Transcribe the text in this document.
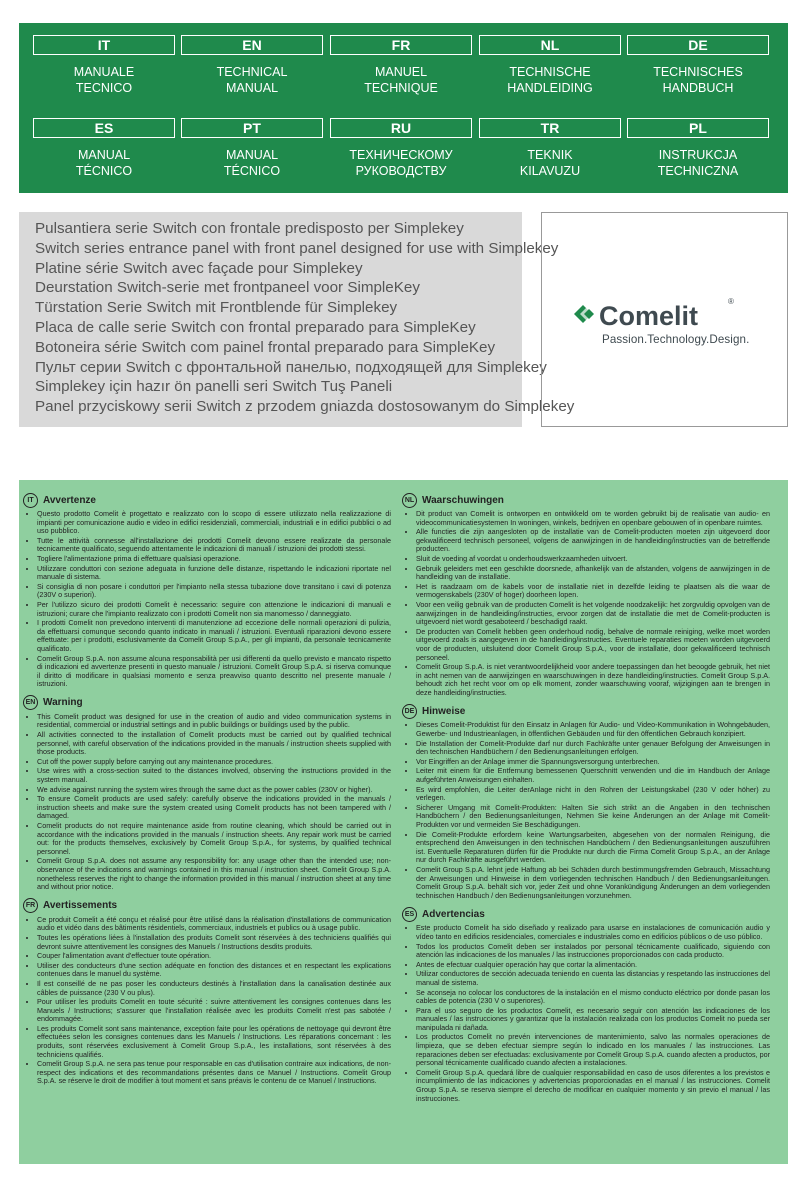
IT
MANUALE
TECNICO
EN
TECHNICAL
MANUAL
FR
MANUEL
TECHNIQUE
NL
TECHNISCHE
HANDLEIDING
DE
TECHNISCHES
HANDBUCH
ES
MANUAL
TÉCNICO
PT
MANUAL
TÉCNICO
RU
ТЕХНИЧЕСКОМУ
РУКОВОДСТВУ
TR
TEKNIK
KILAVUZU
PL
INSTRUKCJA
TECHNICZNA
Pulsantiera serie Switch con frontale predisposto per Simplekey
Switch series entrance panel with front panel designed for use with Simplekey
Platine série Switch avec façade pour Simplekey
Deurstation Switch-serie met frontpaneel voor SimpleKey
Türstation Serie Switch mit Frontblende für Simplekey
Placa de calle serie Switch con frontal preparado para SimpleKey
Botoneira série Switch com painel frontal preparado para SimpleKey
Пульт серии Switch с фронтальной панелью, подходящей для Simplekey
Simplekey için hazır ön panelli seri Switch Tuş Paneli
Panel przyciskowy serii Switch z przodem gniazda dostosowanym do Simplekey
Comelit	®
Passion.Technology.Design.
IT Avvertenze
• Questo prodotto Comelit è progettato e realizzato con lo scopo di essere utilizzato nella realizzazione di impianti per comunicazione audio e video in edifici residenziali, commerciali, industriali e in edifici pubblici o ad uso pubblico.
• Tutte le attività connesse all'installazione dei prodotti Comelit devono essere realizzate da personale tecnicamente qualificato, seguendo attentamente le indicazioni di manuali / istruzioni dei prodotti stessi.
• Togliere l'alimentazione prima di effettuare qualsiasi operazione.
• Utilizzare conduttori con sezione adeguata in funzione delle distanze, rispettando le indicazioni riportate nel manuale di sistema.
• Si consiglia di non posare i conduttori per l'impianto nella stessa tubazione dove transitano i cavi di potenza (230V o superiori).
• Per l'utilizzo sicuro dei prodotti Comelit è necessario: seguire con attenzione le indicazioni di manuali e istruzioni; curare che l'impianto realizzato con i prodotti Comelit non sia manomesso / danneggiato.
• I prodotti Comelit non prevedono interventi di manutenzione ad eccezione delle normali operazioni di pulizia, da effettuarsi comunque secondo quanto indicato in manuali / istruzioni. Eventuali riparazioni devono essere effettuate: per i prodotti, esclusivamente da Comelit Group S.p.A., per gli impianti, da personale tecnicamente qualificato.
• Comelit Group S.p.A. non assume alcuna responsabilità per usi differenti da quello previsto e mancato rispetto di indicazioni ed avvertenze presenti in questo manuale / istruzioni. Comelit Group S.p.A. si riserva comunque il diritto di modificare in qualsiasi momento e senza preavviso quanto descritto nel presente manuale / istruzioni.
EN Warning
• This Comelit product was designed for use in the creation of audio and video communication systems in residential, commercial or industrial settings and in public buildings or buildings used by the public.
• All activities connected to the installation of Comelit products must be carried out by qualified technical personnel, with careful observation of the indications provided in the manuals / instruction sheets supplied with those products.
• Cut off the power supply before carrying out any maintenance procedures.
• Use wires with a cross-section suited to the distances involved, observing the instructions provided in the system manual.
• We advise against running the system wires through the same duct as the power cables (230V or higher).
• To ensure Comelit products are used safely: carefully observe the indications provided in the manuals / instruction sheets and make sure the system created using Comelit products has not been tampered with / damaged.
• Comelit products do not require maintenance aside from routine cleaning, which should be carried out in accordance with the indications provided in the manuals / instruction sheets. Any repair work must be carried out: for the products themselves, exclusively by Comelit Group S.p.A., for systems, by qualified technical personnel.
• Comelit Group S.p.A. does not assume any responsibility for: any usage other than the intended use; non-observance of the indications and warnings contained in this manual / instruction sheet. Comelit Group S.p.A. nonetheless reserves the right to change the information provided in this manual / instruction sheet at any time and without prior notice.
FR Avertissements
• Ce produit Comelit a été conçu et réalisé pour être utilisé dans la réalisation d'installations de communication audio et vidéo dans des bâtiments résidentiels, commerciaux, industriels et publics ou à usage public.
• Toutes les opérations liées à l'installation des produits Comelit sont réservées à des techniciens qualifiés qui devront suivre attentivement les consignes des Manuels / Instructions desdits produits.
• Couper l'alimentation avant d'effectuer toute opération.
• Utiliser des conducteurs d'une section adéquate en fonction des distances et en respectant les explications contenues dans le manuel du système.
• Il est conseillé de ne pas poser les conducteurs destinés à l'installation dans la canalisation destinée aux câbles de puissance (230 V ou plus).
• Pour utiliser les produits Comelit en toute sécurité : suivre attentivement les consignes contenues dans les Manuels / Instructions; s'assurer que l'installation réalisée avec les produits Comelit n'est pas sabotée / endommagée.
• Les produits Comelit sont sans maintenance, exception faite pour les opérations de nettoyage qui devront être effectuées selon les consignes contenues dans les Manuels / Instructions. Les réparations concernant : les produits, sont réservées exclusivement à Comelit Group S.p.A., les installations, sont réservées à des techniciens qualifiés.
• Comelit Group S.p.A. ne sera pas tenue pour responsable en cas d'utilisation contraire aux indications, de non-respect des indications et des recommandations présentes dans ce Manuel / Instructions. Comelit Group S.p.A. se réserve le droit de modifier à tout moment et sans préavis le contenu de ce Manuel / Instructions.
NL Waarschuwingen
• Dit product van Comelit is ontworpen en ontwikkeld om te worden gebruikt bij de realisatie van audio- en videocommunicatiesystemen In woningen, winkels, bedrijven en openbare gebouwen of in openbare ruimtes.
• Alle functies die zijn aangesloten op de installatie van de Comelit-producten moeten zijn uitgevoerd door gekwalificeerd technisch personeel, volgens de aanwijzingen in de handleiding/instructies van de betreffende producten.
• Sluit de voeding af voordat u onderhoudswerkzaamheden uitvoert.
• Gebruik geleiders met een geschikte doorsnede, afhankelijk van de afstanden, volgens de aanwijzingen in de handleiding van de installatie.
• Het is raadzaam om de kabels voor de installatie niet in dezelfde leiding te plaatsen als die waar de vermogenskabels (230V of hoger) doorheen lopen.
• Voor een veilig gebruik van de producten Comelit is het volgende noodzakelijk: het zorgvuldig opvolgen van de aanwijzingen in de handleiding/instructies, ervoor zorgen dat de installatie die met de Comelit-producten is uitgevoerd niet wordt gesaboteerd / beschadigd raakt.
• De producten van Comelit hebben geen onderhoud nodig, behalve de normale reiniging, welke moet worden uitgevoerd zoals is aangegeven in de handleiding/instructies. Eventuele reparaties moeten worden uitgevoerd voor de producten, uitsluitend door Comelit Group S.p.A., voor de installatie, door gekwalificeerd technisch personeel.
• Comelit Group S.p.A. is niet verantwoordelijkheid voor andere toepassingen dan het beoogde gebruik, het niet in acht nemen van de aanwijzingen en waarschuwingen in deze handleiding/instructies. Comelit Group S.p.A. behoudt zich het recht voor om op elk moment, zonder waarschuwing vooraf, wijzigingen aan te brengen in deze handleiding/instructies.
DE Hinweise
• Dieses Comelit-Produktist für den Einsatz in Anlagen für Audio- und Video-Kommunikation in Wohngebäuden, Gewerbe- und Industrieanlagen, in öffentlichen Gebäuden und für den öffentlichen Gebrauch konzipiert.
• Die Installation der Comelit-Produkte darf nur durch Fachkräfte unter genauer Befolgung der Anweisungen in den technischen Handbüchern / den Bedienungsanleitungen erfolgen.
• Vor Eingriffen an der Anlage immer die Spannungsversorgung unterbrechen.
• Leiter mit einem für die Entfernung bemessenen Querschnitt verwenden und die im Handbuch der Anlage aufgeführten Anweisungen einhalten.
• Es wird empfohlen, die Leiter derAnlage nicht in den Rohren der Leistungskabel (230 V oder höher) zu verlegen.
• Sicherer Umgang mit Comelit-Produkten: Halten Sie sich strikt an die Angaben in den technischen Handbüchern / den Bedienungsanleitungen, Nehmen Sie keine Änderungen an der Anlage mit Comelit-Produkten vor und vermeiden Sie Beschädigungen.
• Die Comelit-Produkte erfordern keine Wartungsarbeiten, abgesehen von der normalen Reinigung, die entsprechend den Anweisungen in den technischen Handbüchern / den Bedienungsanleitungen auszuführen ist. Eventuelle Reparaturen dürfen für die Produkte nur durch die Firma Comelit Group S.p.A., an der Anlage nur durch Fachkräfte ausgeführt werden.
• Comelit Group S.p.A. lehnt jede Haftung ab bei Schäden durch bestimmungsfremden Gebrauch, Missachtung der Anweisungen und Hinweise in dem vorliegenden technischen Handbuch / den Bedienungsanleitungen. Comelit Group S.p.A. behält sich vor, jeder Zeit und ohne Vorankündigung Änderungen an dem vorliegenden technischen Handbuch / den Bedienungsanleitungen vorzunehmen.
ES Advertencias
• Este producto Comelit ha sido diseñado y realizado para usarse en instalaciones de comunicación audio y vídeo tanto en edificios residenciales, comerciales e industriales como en edificios públicos o de uso público.
• Todos los productos Comelit deben ser instalados por personal técnicamente cualificado, siguiendo con atención las indicaciones de los manuales / las instrucciones proporcionados con cada producto.
• Antes de efectuar cualquier operación hay que cortar la alimentación.
• Utilizar conductores de sección adecuada teniendo en cuenta las distancias y respetando las instrucciones del manual de sistema.
• Se aconseja no colocar los conductores de la instalación en el mismo conducto eléctrico por donde pasan los cables de potencia (230 V o superiores).
• Para el uso seguro de los productos Comelit, es necesario seguir con atención las indicaciones de los manuales / las instrucciones y garantizar que la instalación realizada con los productos Comelit no pueda ser manipulada ni dañada.
• Los productos Comelit no prevén intervenciones de mantenimiento, salvo las normales operaciones de limpieza, que se deben efectuar siempre según lo indicado en los manuales / las instrucciones. Las reparaciones deben ser efectuadas: exclusivamente por Comelit Group S.p.A. cuando afecten a productos, por personal técnicamente cualificado cuando afecten a instalaciones.
• Comelit Group S.p.A. quedará libre de cualquier responsabilidad en caso de usos diferentes a los previstos e incumplimiento de las indicaciones y advertencias proporcionadas en el manual / las instrucciones. Comelit Group S.p.A. se reserva siempre el derecho de modificar en cualquier momento y sin previo el manual / las instrucciones.
